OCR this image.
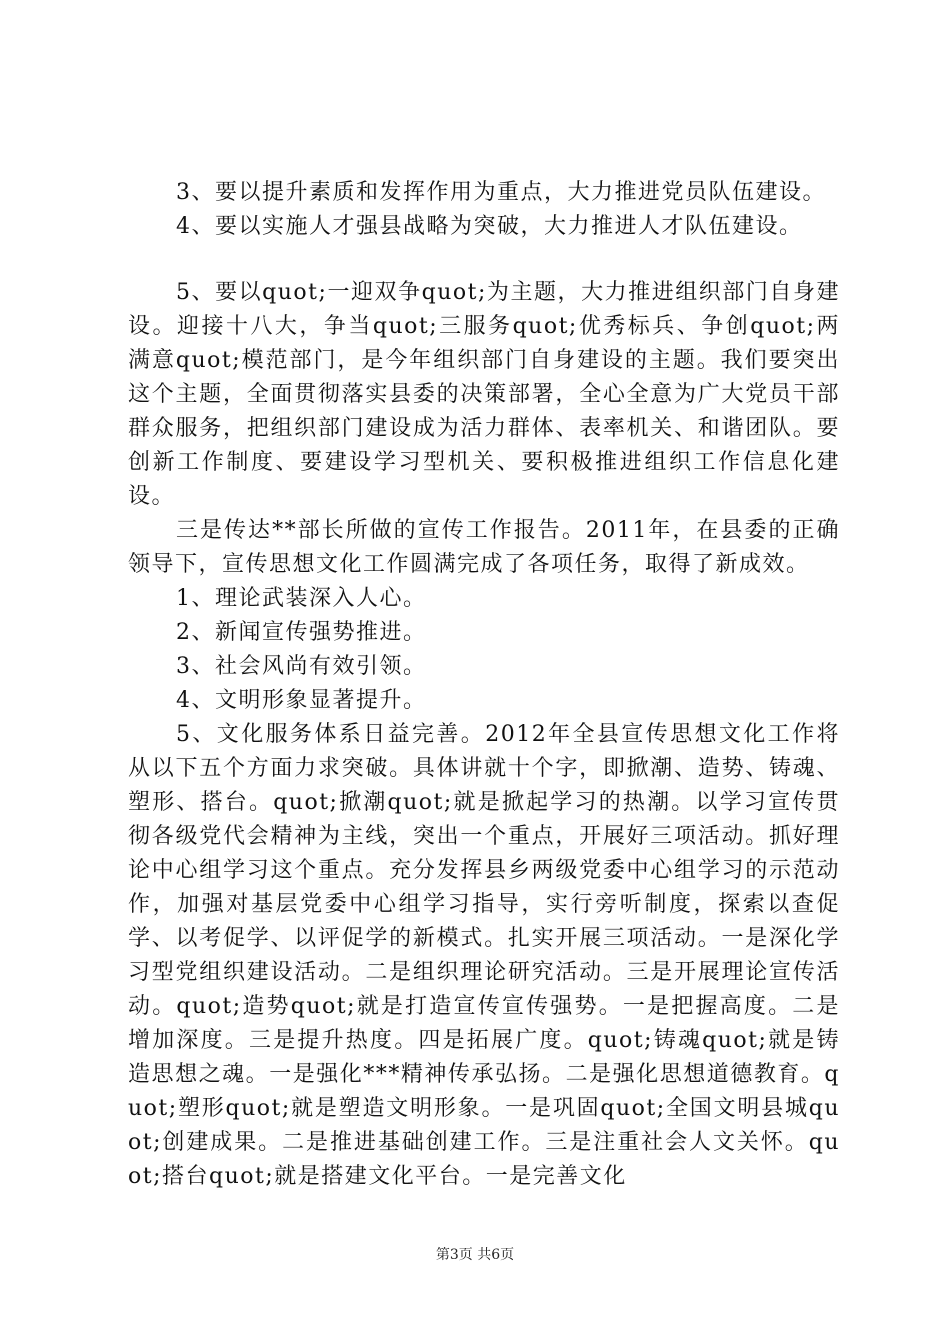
3、要以提升素质和发挥作用为重点，大力推进党员队伍建设。

4、要以实施人才强县战略为突破，大力推进人才队伍建设。

5、要以quot;一迎双争quot;为主题，大力推进组织部门自身建设。迎接十八大，争当quot;三服务quot;优秀标兵、争创quot;两满意quot;模范部门，是今年组织部门自身建设的主题。我们要突出这个主题，全面贯彻落实县委的决策部署，全心全意为广大党员干部群众服务，把组织部门建设成为活力群体、表率机关、和谐团队。要创新工作制度、要建设学习型机关、要积极推进组织工作信息化建设。

三是传达**部长所做的宣传工作报告。2011年，在县委的正确领导下，宣传思想文化工作圆满完成了各项任务，取得了新成效。

1、理论武装深入人心。

2、新闻宣传强势推进。

3、社会风尚有效引领。

4、文明形象显著提升。

5、文化服务体系日益完善。2012年全县宣传思想文化工作将从以下五个方面力求突破。具体讲就十个字，即掀潮、造势、铸魂、塑形、搭台。quot;掀潮quot;就是掀起学习的热潮。以学习宣传贯彻各级党代会精神为主线，突出一个重点，开展好三项活动。抓好理论中心组学习这个重点。充分发挥县乡两级党委中心组学习的示范动作，加强对基层党委中心组学习指导，实行旁听制度，探索以查促学、以考促学、以评促学的新模式。扎实开展三项活动。一是深化学习型党组织建设活动。二是组织理论研究活动。三是开展理论宣传活动。quot;造势quot;就是打造宣传宣传强势。一是把握高度。二是增加深度。三是提升热度。四是拓展广度。quot;铸魂quot;就是铸造思想之魂。一是强化***精神传承弘扬。二是强化思想道德教育。quot;塑形quot;就是塑造文明形象。一是巩固quot;全国文明县城quot;创建成果。二是推进基础创建工作。三是注重社会人文关怀。quot;搭台quot;就是搭建文化平台。一是完善文化

第3页 共6页
